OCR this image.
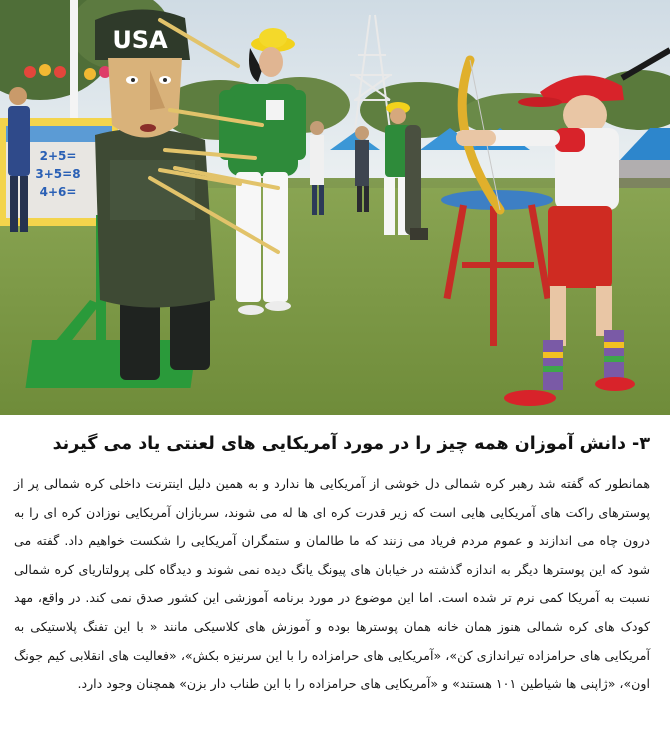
2+5=
3+5=8
4+6=
USA
۳- دانش آموزان همه چیز را در مورد آمریکایی های لعنتی یاد می گیرند

همانطور که گفته شد رهبر کره شمالی دل خوشی از آمریکایی ها ندارد و به همین دلیل اینترنت داخلی کره شمالی پر از پوسترهای راکت های آمریکایی هایی است که زیر قدرت کره ای ها له می شوند، سربازان آمریکایی نوزادن کره ای را به درون چاه می اندازند و عموم مردم فریاد می زنند که ما طالمان و ستمگران آمریکایی را شکست خواهیم داد. گفته می شود که این پوسترها دیگر به اندازه گذشته در خیابان های پیونگ یانگ دیده نمی شوند و دیدگاه کلی پرولتاریای کره شمالی نسبت به آمریکا کمی نرم تر شده است. اما این موضوع در مورد برنامه آموزشی این کشور صدق نمی کند. در واقع، مهد کودک های کره شمالی هنوز همان خانه همان پوسترها بوده و آموزش های کلاسیکی مانند « با این تفنگ پلاستیکی به آمریکایی های حرامزاده تیراندازی کن»، «آمریکایی های حرامزاده را با این سرنیزه بکش»، «فعالیت های انقلابی کیم جونگ اون»، «ژاپنی ها شیاطین ۱۰۱ هستند» و «آمریکایی های حرامزاده را با این طناب دار بزن» همچنان وجود دارد.
